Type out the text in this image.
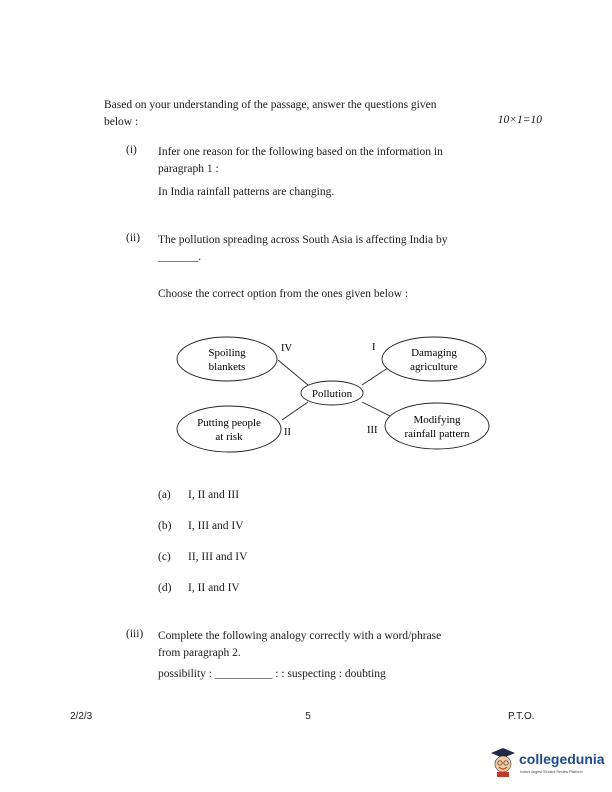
Based on your understanding of the passage, answer the questions given
below :	10×1=10
(i) Infer one reason for the following based on the information in
paragraph 1 :
In India rainfall patterns are changing.
(ii) The pollution spreading across South Asia is affecting India by
_______.
Choose the correct option from the ones given below :
Pollution
Spoiling
blankets
Putting people
at risk
Damaging
agriculture
Modifying
rainfall pattern
IV
II
I
III
(a) I, II and III
(b) I, III and IV
(c) II, III and IV
(d) I, II and IV
(iii) Complete the following analogy correctly with a word/phrase
from paragraph 2.
possibility : __________ : : suspecting : doubting
2/2/3	5	P.T.O.
collegedunia
India's largest Student Review Platform
